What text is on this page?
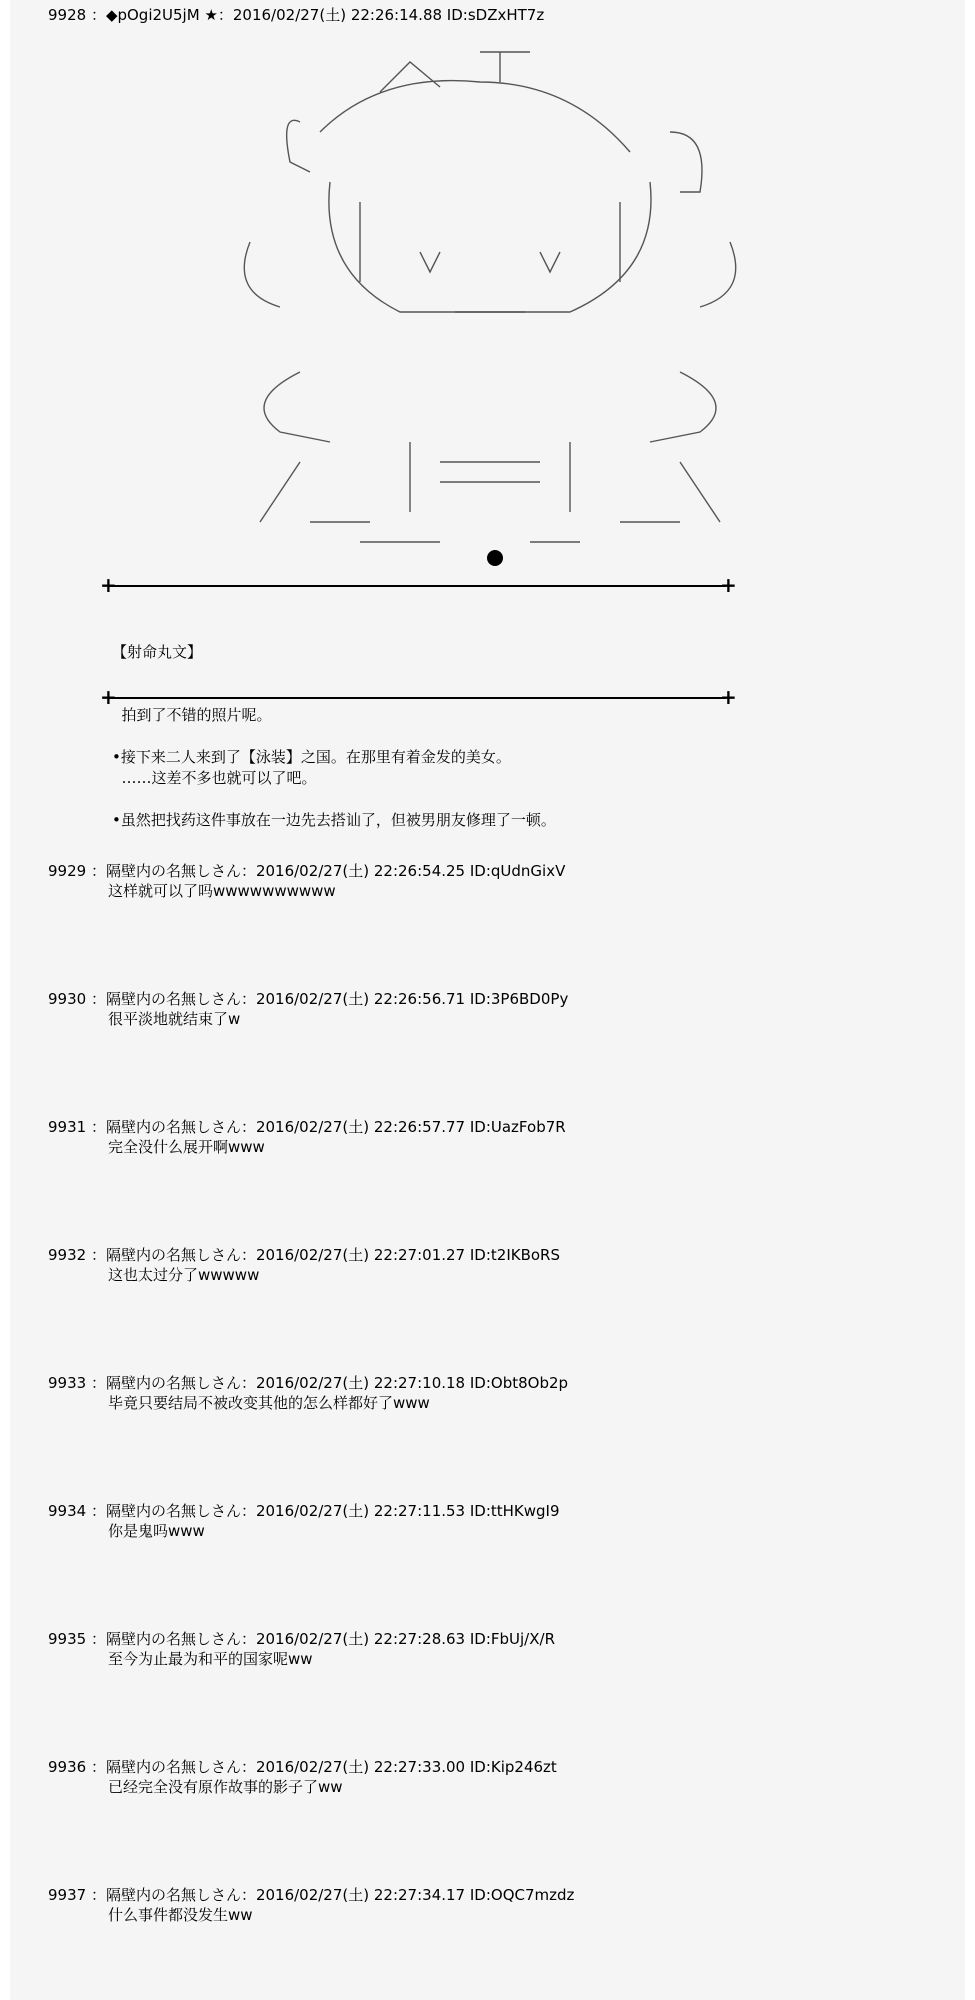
9928 ：◆pOgi2U5jM ★：2016/02/27(土) 22:26:14.88 ID:sDZxHT7z
+	+

【射命丸文】

拍到了不错的照片呢。

……这差不多也就可以了吧。

+	+

•接下来二人来到了【泳装】之国。在那里有着金发的美女。

•虽然把找药这件事放在一边先去搭讪了，但被男朋友修理了一顿。

9929 ：隔壁内の名無しさん：2016/02/27(土) 22:26:54.25 ID:qUdnGixV
这样就可以了吗wwwwwwwwww
9930 ：隔壁内の名無しさん：2016/02/27(土) 22:26:56.71 ID:3P6BD0Py
很平淡地就结束了w
9931 ：隔壁内の名無しさん：2016/02/27(土) 22:26:57.77 ID:UazFob7R
完全没什么展开啊www
9932 ：隔壁内の名無しさん：2016/02/27(土) 22:27:01.27 ID:t2IKBoRS
这也太过分了wwwww
9933 ：隔壁内の名無しさん：2016/02/27(土) 22:27:10.18 ID:Obt8Ob2p
毕竟只要结局不被改变其他的怎么样都好了www
9934 ：隔壁内の名無しさん：2016/02/27(土) 22:27:11.53 ID:ttHKwgI9
你是鬼吗www
9935 ：隔壁内の名無しさん：2016/02/27(土) 22:27:28.63 ID:FbUj/X/R
至今为止最为和平的国家呢ww
9936 ：隔壁内の名無しさん：2016/02/27(土) 22:27:33.00 ID:Kip246zt
已经完全没有原作故事的影子了ww
9937 ：隔壁内の名無しさん：2016/02/27(土) 22:27:34.17 ID:OQC7mzdz
什么事件都没发生ww
